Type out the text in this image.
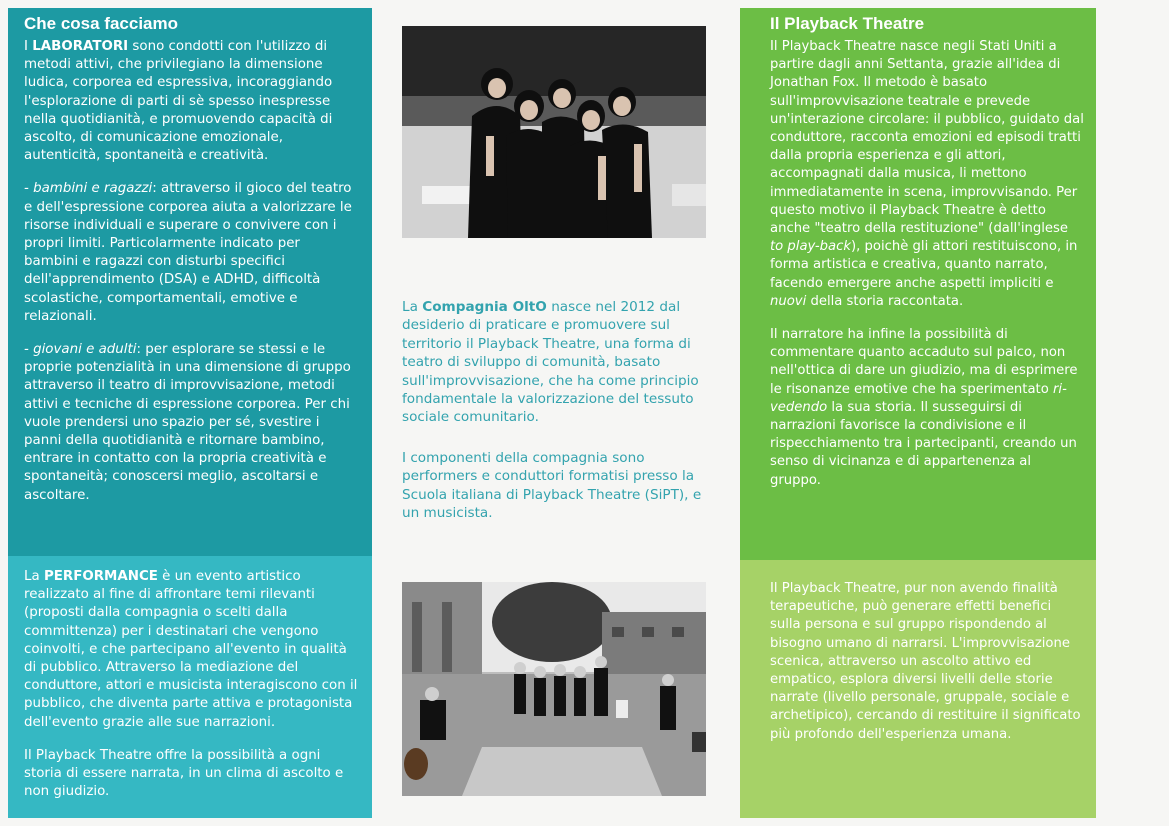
Che cosa facciamo

I LABORATORI sono condotti con l'utilizzo di metodi attivi, che privilegiano la dimensione ludica, corporea ed espressiva, incoraggiando l'esplorazione di parti di sè spesso inespresse nella quotidianità, e promuovendo capacità di ascolto, di comunicazione emozionale, autenticità, spontaneità e creatività.

- bambini e ragazzi: attraverso il gioco del teatro e dell'espressione corporea aiuta a valorizzare le risorse individuali e superare o convivere con i propri limiti. Particolarmente indicato per bambini e ragazzi con disturbi specifici dell'apprendimento (DSA) e ADHD, difficoltà scolastiche, comportamentali, emotive e relazionali.

- giovani e adulti: per esplorare se stessi e le proprie potenzialità in una dimensione di gruppo attraverso il teatro di improvvisazione, metodi attivi e tecniche di espressione corporea. Per chi vuole prendersi uno spazio per sé, svestire i panni della quotidianità e ritornare bambino, entrare in contatto con la propria creatività e spontaneità; conoscersi meglio, ascoltarsi e ascoltare.

La PERFORMANCE è un evento artistico realizzato al fine di affrontare temi rilevanti (proposti dalla compagnia o scelti dalla committenza) per i destinatari che vengono coinvolti, e che partecipano all'evento in qualità di pubblico. Attraverso la mediazione del conduttore, attori e musicista interagiscono con il pubblico, che diventa parte attiva e protagonista dell'evento grazie alle sue narrazioni.

Il Playback Theatre offre la possibilità a ogni storia di essere narrata, in un clima di ascolto e non giudizio.

La Compagnia OltO nasce nel 2012 dal desiderio di praticare e promuovere sul territorio il Playback Theatre, una forma di teatro di sviluppo di comunità, basato sull'improvvisazione, che ha come principio fondamentale la valorizzazione del tessuto sociale comunitario.

I componenti della compagnia sono performers e conduttori formatisi presso la Scuola italiana di Playback Theatre (SiPT), e un musicista.

Il Playback Theatre

Il Playback Theatre nasce negli Stati Uniti a partire dagli anni Settanta, grazie all'idea di Jonathan Fox. Il metodo è basato sull'improvvisazione teatrale e prevede un'interazione circolare: il pubblico, guidato dal conduttore, racconta emozioni ed episodi tratti dalla propria esperienza e gli attori, accompagnati dalla musica, li mettono immediatamente in scena, improvvisando. Per questo motivo il Playback Theatre è detto anche "teatro della restituzione" (dall'inglese to play-back), poichè gli attori restituiscono, in forma artistica e creativa, quanto narrato, facendo emergere anche aspetti impliciti e nuovi della storia raccontata.

Il narratore ha infine la possibilità di commentare quanto accaduto sul palco, non nell'ottica di dare un giudizio, ma di esprimere le risonanze emotive che ha sperimentato ri-vedendo la sua storia. Il susseguirsi di narrazioni favorisce la condivisione e il rispecchiamento tra i partecipanti, creando un senso di vicinanza e di appartenenza al gruppo.

Il Playback Theatre, pur non avendo finalità terapeutiche, può generare effetti benefici sulla persona e sul gruppo rispondendo al bisogno umano di narrarsi. L'improvvisazione scenica, attraverso un ascolto attivo ed empatico, esplora diversi livelli delle storie narrate (livello personale, gruppale, sociale e archetipico), cercando di restituire il significato più profondo dell'esperienza umana.
